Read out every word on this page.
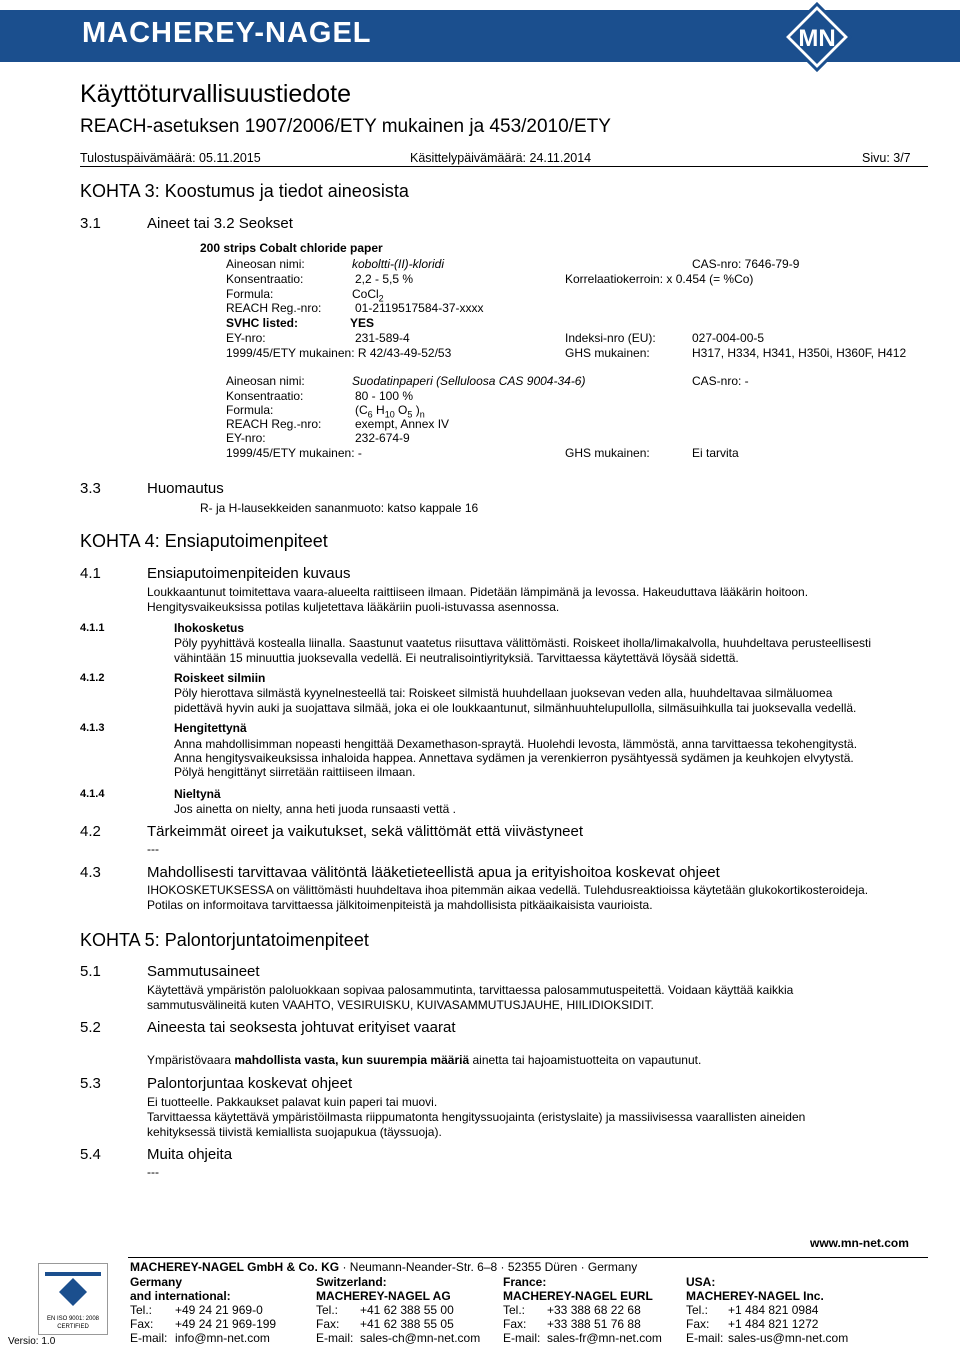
MACHEREY-NAGEL	MN
Käyttöturvallisuustiedote
REACH-asetuksen 1907/2006/ETY mukainen ja 453/2010/ETY
Tulostuspäivämäärä: 05.11.2015	Käsittelypäivämäärä: 24.11.2014	Sivu: 3/7
KOHTA 3: Koostumus ja tiedot aineosista
3.1	Aineet tai 3.2 Seokset
200 strips Cobalt chloride paper
Aineosan nimi:	koboltti-(II)-kloridi	CAS-nro: 7646-79-9
Konsentraatio:	2,2 - 5,5 %	Korrelaatiokerroin: x 0.454 (= %Co)
Formula:	CoCl$_2$
REACH Reg.-nro:	01-2119517584-37-xxxx
SVHC listed:	YES
EY-nro:	231-589-4	Indeksi-nro (EU):	027-004-00-5
1999/45/ETY mukainen: R 42/43-49-52/53	GHS mukainen:	H317, H334, H341, H350i, H360F, H412
Aineosan nimi:	Suodatinpaperi (Selluloosa CAS 9004-34-6)	CAS-nro: -
Konsentraatio:	80 - 100 %
Formula:	($C_6$ $H_{10}$ $O_5$ )$_n$
REACH Reg.-nro:	exempt, Annex IV
EY-nro:	232-674-9
1999/45/ETY mukainen: -	GHS mukainen:	Ei tarvita
3.3	Huomautus
R- ja H-lausekkeiden sananmuoto: katso kappale 16
KOHTA 4: Ensiaputoimenpiteet
4.1	Ensiaputoimenpiteiden kuvaus
Loukkaantunut toimitettava vaara-alueelta raittiiseen ilmaan. Pidetään lämpimänä ja levossa. Hakeuduttava lääkärin hoitoon.
Hengitysvaikeuksissa potilas kuljetettava lääkäriin puoli-istuvassa asennossa.
4.1.1	Ihokosketus
Pöly pyyhittävä kostealla liinalla. Saastunut vaatetus riisuttava välittömästi. Roiskeet iholla/limakalvolla, huuhdeltava perusteellisesti
vähintään 15 minuuttia juoksevalla vedellä. Ei neutralisointiyrityksiä. Tarvittaessa käytettävä löysää sidettä.
4.1.2	Roiskeet silmiin
Pöly hierottava silmästä kyynelnesteellä tai: Roiskeet silmistä huuhdellaan juoksevan veden alla, huuhdeltavaa silmäluomea
pidettävä hyvin auki ja suojattava silmää, joka ei ole loukkaantunut, silmänhuuhtelupullolla, silmäsuihkulla tai juoksevalla vedellä.
4.1.3	Hengitettynä
Anna mahdollisimman nopeasti hengittää Dexamethason-sprаytä. Huolehdi levosta, lämmöstä, anna tarvittaessa tekohengitystä.
Anna hengitysvaikeuksissa inhaloida happea. Annettava sydämen ja verenkierron pysähtyessä sydämen ja keuhkojen elvytystä.
Pölyä hengittänyt siirretään raittiiseen ilmaan.
4.1.4	Nieltynä
Jos ainetta on nielty, anna heti juoda runsaasti vettä .
4.2	Tärkeimmät oireet ja vaikutukset, sekä välittömät että viivästyneet
---
4.3	Mahdollisesti tarvittavaa välitöntä lääketieteellistä apua ja erityishoitoa koskevat ohjeet
IHOKOSKETUKSESSA on välittömästi huuhdeltava ihoa pitemmän aikaa vedellä. Tulehdusreaktioissa käytetään glukokortikosteroideja.
Potilas on informoitava tarvittaessa jälkitoimenpiteistä ja mahdollisista pitkäaikaisista vaurioista.
KOHTA 5: Palontorjuntatoimenpiteet
5.1	Sammutusaineet
Käytettävä ympäristön paloluokkaan sopivaa palosammutinta, tarvittaessa palosammutuspeitettä. Voidaan käyttää kaikkia
sammutusvälineitä kuten VAAHTO, VESIRUISKU, KUIVASAMMUTUSJAUHE, HIILIDIOKSIDIT.
5.2	Aineesta tai seoksesta johtuvat erityiset vaarat
Ympäristövaara mahdollista vasta, kun suurempia määriä ainetta tai hajoamistuotteita on vapautunut.
5.3	Palontorjuntaa koskevat ohjeet
Ei tuotteelle. Pakkaukset palavat kuin paperi tai muovi.
Tarvittaessa käytettävä ympäristöilmasta riippumatonta hengityssuojainta (eristyslaite) ja massiivisessa vaarallisten aineiden
kehityksessä tiivistä kemiallista suojapukua (täyssuoja).
5.4	Muita ohjeita
---
www.mn-net.com
EN ISO 9001: 2008 CERTIFIED
Versio: 1.0
MACHEREY-NAGEL GmbH & Co. KG · Neumann-Neander-Str. 6–8 · 52355 Düren · Germany
Germany
and international:
Tel.: +49 24 21 969-0
Fax: +49 24 21 969-199
E-mail: info@mn-net.com
Switzerland:
MACHEREY-NAGEL AG
Tel.: +41 62 388 55 00
Fax: +41 62 388 55 05
E-mail: sales-ch@mn-net.com
France:
MACHEREY-NAGEL EURL
Tel.: +33 388 68 22 68
Fax: +33 388 51 76 88
E-mail: sales-fr@mn-net.com
USA:
MACHEREY-NAGEL Inc.
Tel.: +1 484 821 0984
Fax: +1 484 821 1272
E-mail: sales-us@mn-net.com
